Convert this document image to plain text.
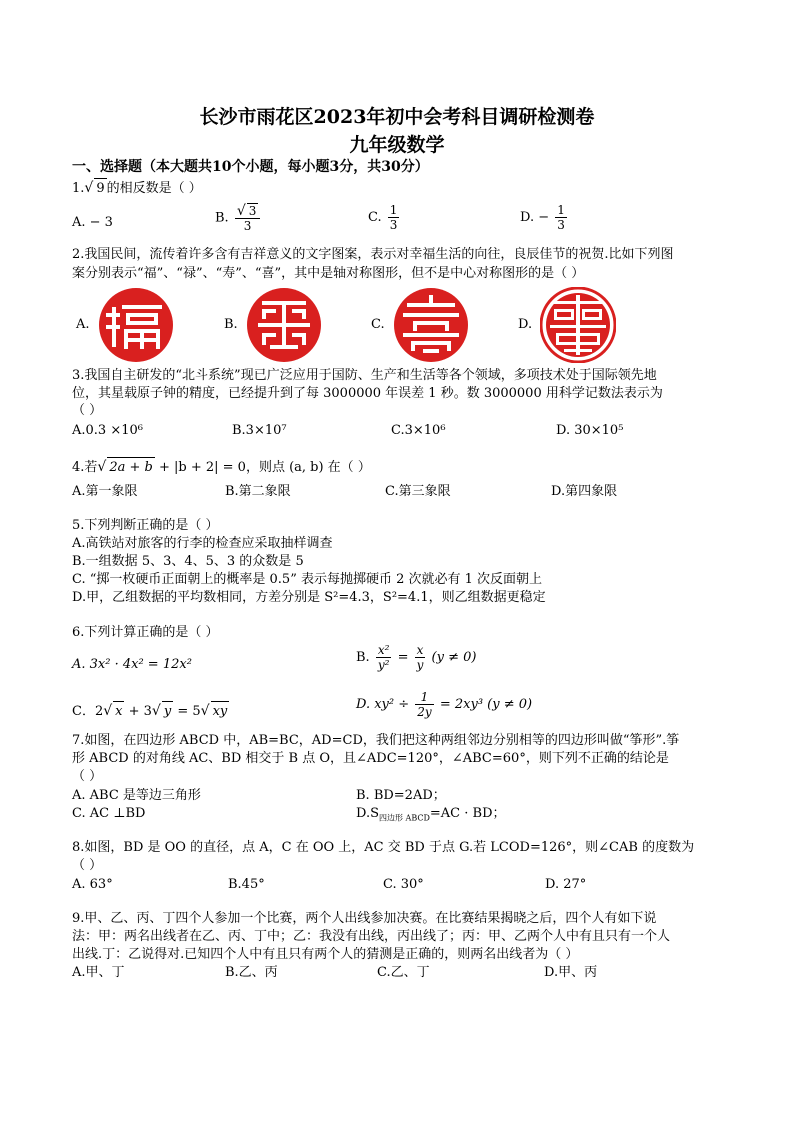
长沙市雨花区2023年初中会考科目调研检测卷
九年级数学
一、选择题（本大题共10个小题，每小题3分，共30分）
1.√ 9 的相反数是（ ）
A. − 3	B. $\frac{√ 3}{3}$	C. $\frac{1}{3}$	D. − $\frac{1}{3}$
2.我国民间，流传着许多含有吉祥意义的文字图案，表示对幸福生活的向往，良辰佳节的祝贺.比如下列图
案分别表示“福”、“禄”、“寿”、“喜”，其中是轴对称图形，但不是中心对称图形的是（ ）
A.	B.	C.	D.
3.我国自主研发的“北斗系统”现已广泛应用于国防、生产和生活等各个领域，多项技术处于国际领先地
位，其星载原子钟的精度，已经提升到了每 3000000 年误差 1 秒。数 3000000 用科学记数法表示为
（ ）
A.0.3 ×10⁶	B.3×10⁷	C.3×10⁶	D. 30×10⁵
4.若√ 2a + b + |b + 2| = 0，则点 (a, b) 在（ ）
A.第一象限	B.第二象限	C.第三象限	D.第四象限
5.下列判断正确的是（ ）
A.高铁站对旅客的行李的检查应采取抽样调查
B.一组数据 5、3、4、5、3 的众数是 5
C. “掷一枚硬币正面朝上的概率是 0.5” 表示每抛掷硬币 2 次就必有 1 次反面朝上
D.甲，乙组数据的平均数相同，方差分别是 S²=4.3，S²=4.1，则乙组数据更稳定
6.下列计算正确的是（ ）
A. 3x² · 4x² = 12x²	B. $\frac{\text{x²}}{\text{y²}} = \frac{x}{y} (y \ne 0)$
C．2√ x + 3√ y = 5√ xy	D. $xy^2 \div \frac{1}{2y} = 2xy^3$ (y ≠ 0)
7.如图，在四边形 ABCD 中，AB=BC，AD=CD，我们把这种两组邻边分别相等的四边形叫做“筝形”.筝
形 ABCD 的对角线 AC、BD 相交于 B 点 O，且∠ADC=120°，∠ABC=60°，则下列不正确的结论是
（ ）
A. ABC 是等边三角形	B. BD=2AD；
C. AC ⊥BD	$D.S_{四边形 ABCD}=AC$ · BD；
8.如图，BD 是 OO 的直径，点 A，C 在 OO 上，AC 交 BD 于点 G.若 LCOD=126°，则∠CAB 的度数为
（ ）
A. 63°	B.45°	C. 30°	D. 27°
9.甲、乙、丙、丁四个人参加一个比赛，两个人出线参加决赛。在比赛结果揭晓之后，四个人有如下说
法：甲：两名出线者在乙、丙、丁中；乙：我没有出线，丙出线了；丙：甲、乙两个人中有且只有一个人
出线.丁：乙说得对.已知四个人中有且只有两个人的猜测是正确的，则两名出线者为（ ）
A.甲、丁	B.乙、丙	C.乙、丁	D.甲、丙
